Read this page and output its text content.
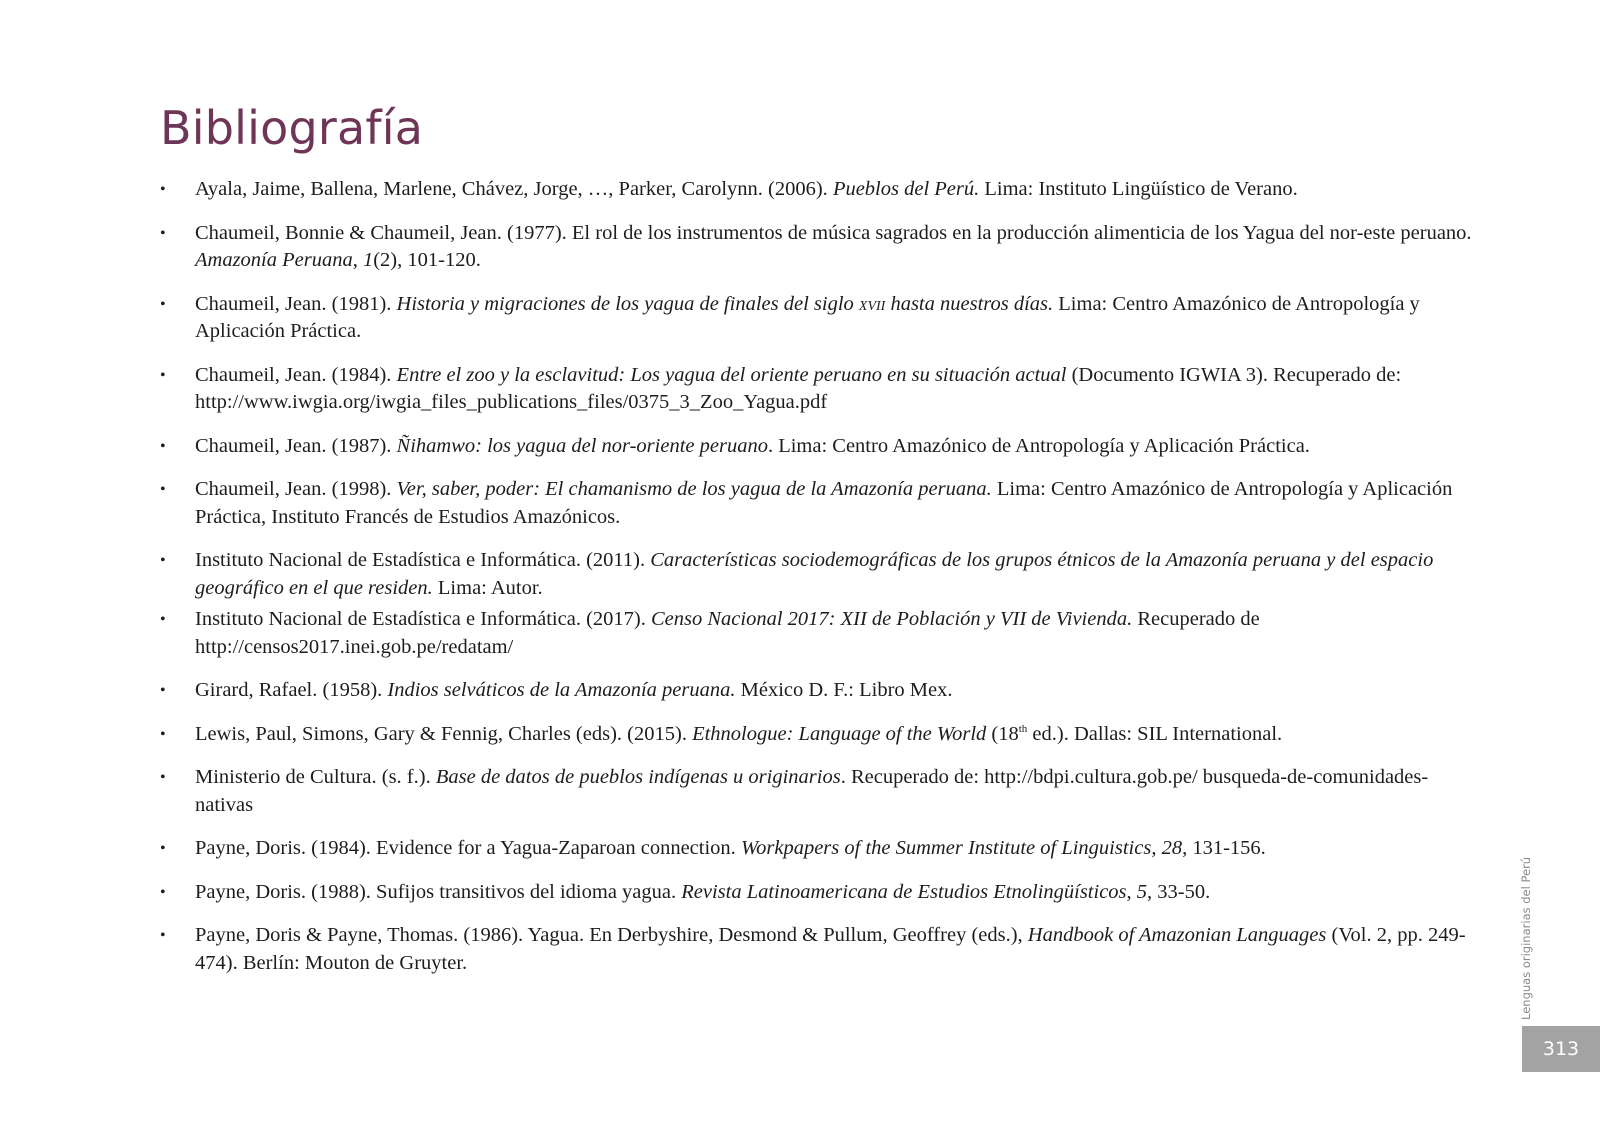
Bibliografía
• Ayala, Jaime, Ballena, Marlene, Chávez, Jorge, …, Parker, Carolynn. (2006). Pueblos del Perú. Lima: Instituto Lingüístico de Verano.
• Chaumeil, Bonnie & Chaumeil, Jean. (1977). El rol de los instrumentos de música sagrados en la producción alimenticia de los Yagua del nor-este peruano. Amazonía Peruana, 1(2), 101-120.
• Chaumeil, Jean. (1981). Historia y migraciones de los yagua de finales del siglo xvii hasta nuestros días. Lima: Centro Amazónico de Antropología y Aplicación Práctica.
• Chaumeil, Jean. (1984). Entre el zoo y la esclavitud: Los yagua del oriente peruano en su situación actual (Documento IGWIA 3). Recuperado de: http://www.iwgia.org/iwgia_files_publications_files/0375_3_Zoo_Yagua.pdf
• Chaumeil, Jean. (1987). Ñihamwo: los yagua del nor-oriente peruano. Lima: Centro Amazónico de Antropología y Aplicación Práctica.
• Chaumeil, Jean. (1998). Ver, saber, poder: El chamanismo de los yagua de la Amazonía peruana. Lima: Centro Amazónico de Antropología y Aplicación Práctica, Instituto Francés de Estudios Amazónicos.
• Instituto Nacional de Estadística e Informática. (2011). Características sociodemográficas de los grupos étnicos de la Amazonía peruana y del espacio geográfico en el que residen. Lima: Autor.
• Instituto Nacional de Estadística e Informática. (2017). Censo Nacional 2017: XII de Población y VII de Vivienda. Recuperado de http://censos2017.inei.gob.pe/redatam/
• Girard, Rafael. (1958). Indios selváticos de la Amazonía peruana. México D. F.: Libro Mex.
• Lewis, Paul, Simons, Gary & Fennig, Charles (eds). (2015). Ethnologue: Language of the World (18th ed.). Dallas: SIL International.
• Ministerio de Cultura. (s. f.). Base de datos de pueblos indígenas u originarios. Recuperado de: http://bdpi.cultura.gob.pe/ busqueda-de-comunidades-nativas
• Payne, Doris. (1984). Evidence for a Yagua-Zaparoan connection. Workpapers of the Summer Institute of Linguistics, 28, 131-156.
• Payne, Doris. (1988). Sufijos transitivos del idioma yagua. Revista Latinoamericana de Estudios Etnolingüísticos, 5, 33-50.
• Payne, Doris & Payne, Thomas. (1986). Yagua. En Derbyshire, Desmond & Pullum, Geoffrey (eds.), Handbook of Amazonian Languages (Vol. 2, pp. 249-474). Berlín: Mouton de Gruyter.	Lenguas originarias del Perú
313
